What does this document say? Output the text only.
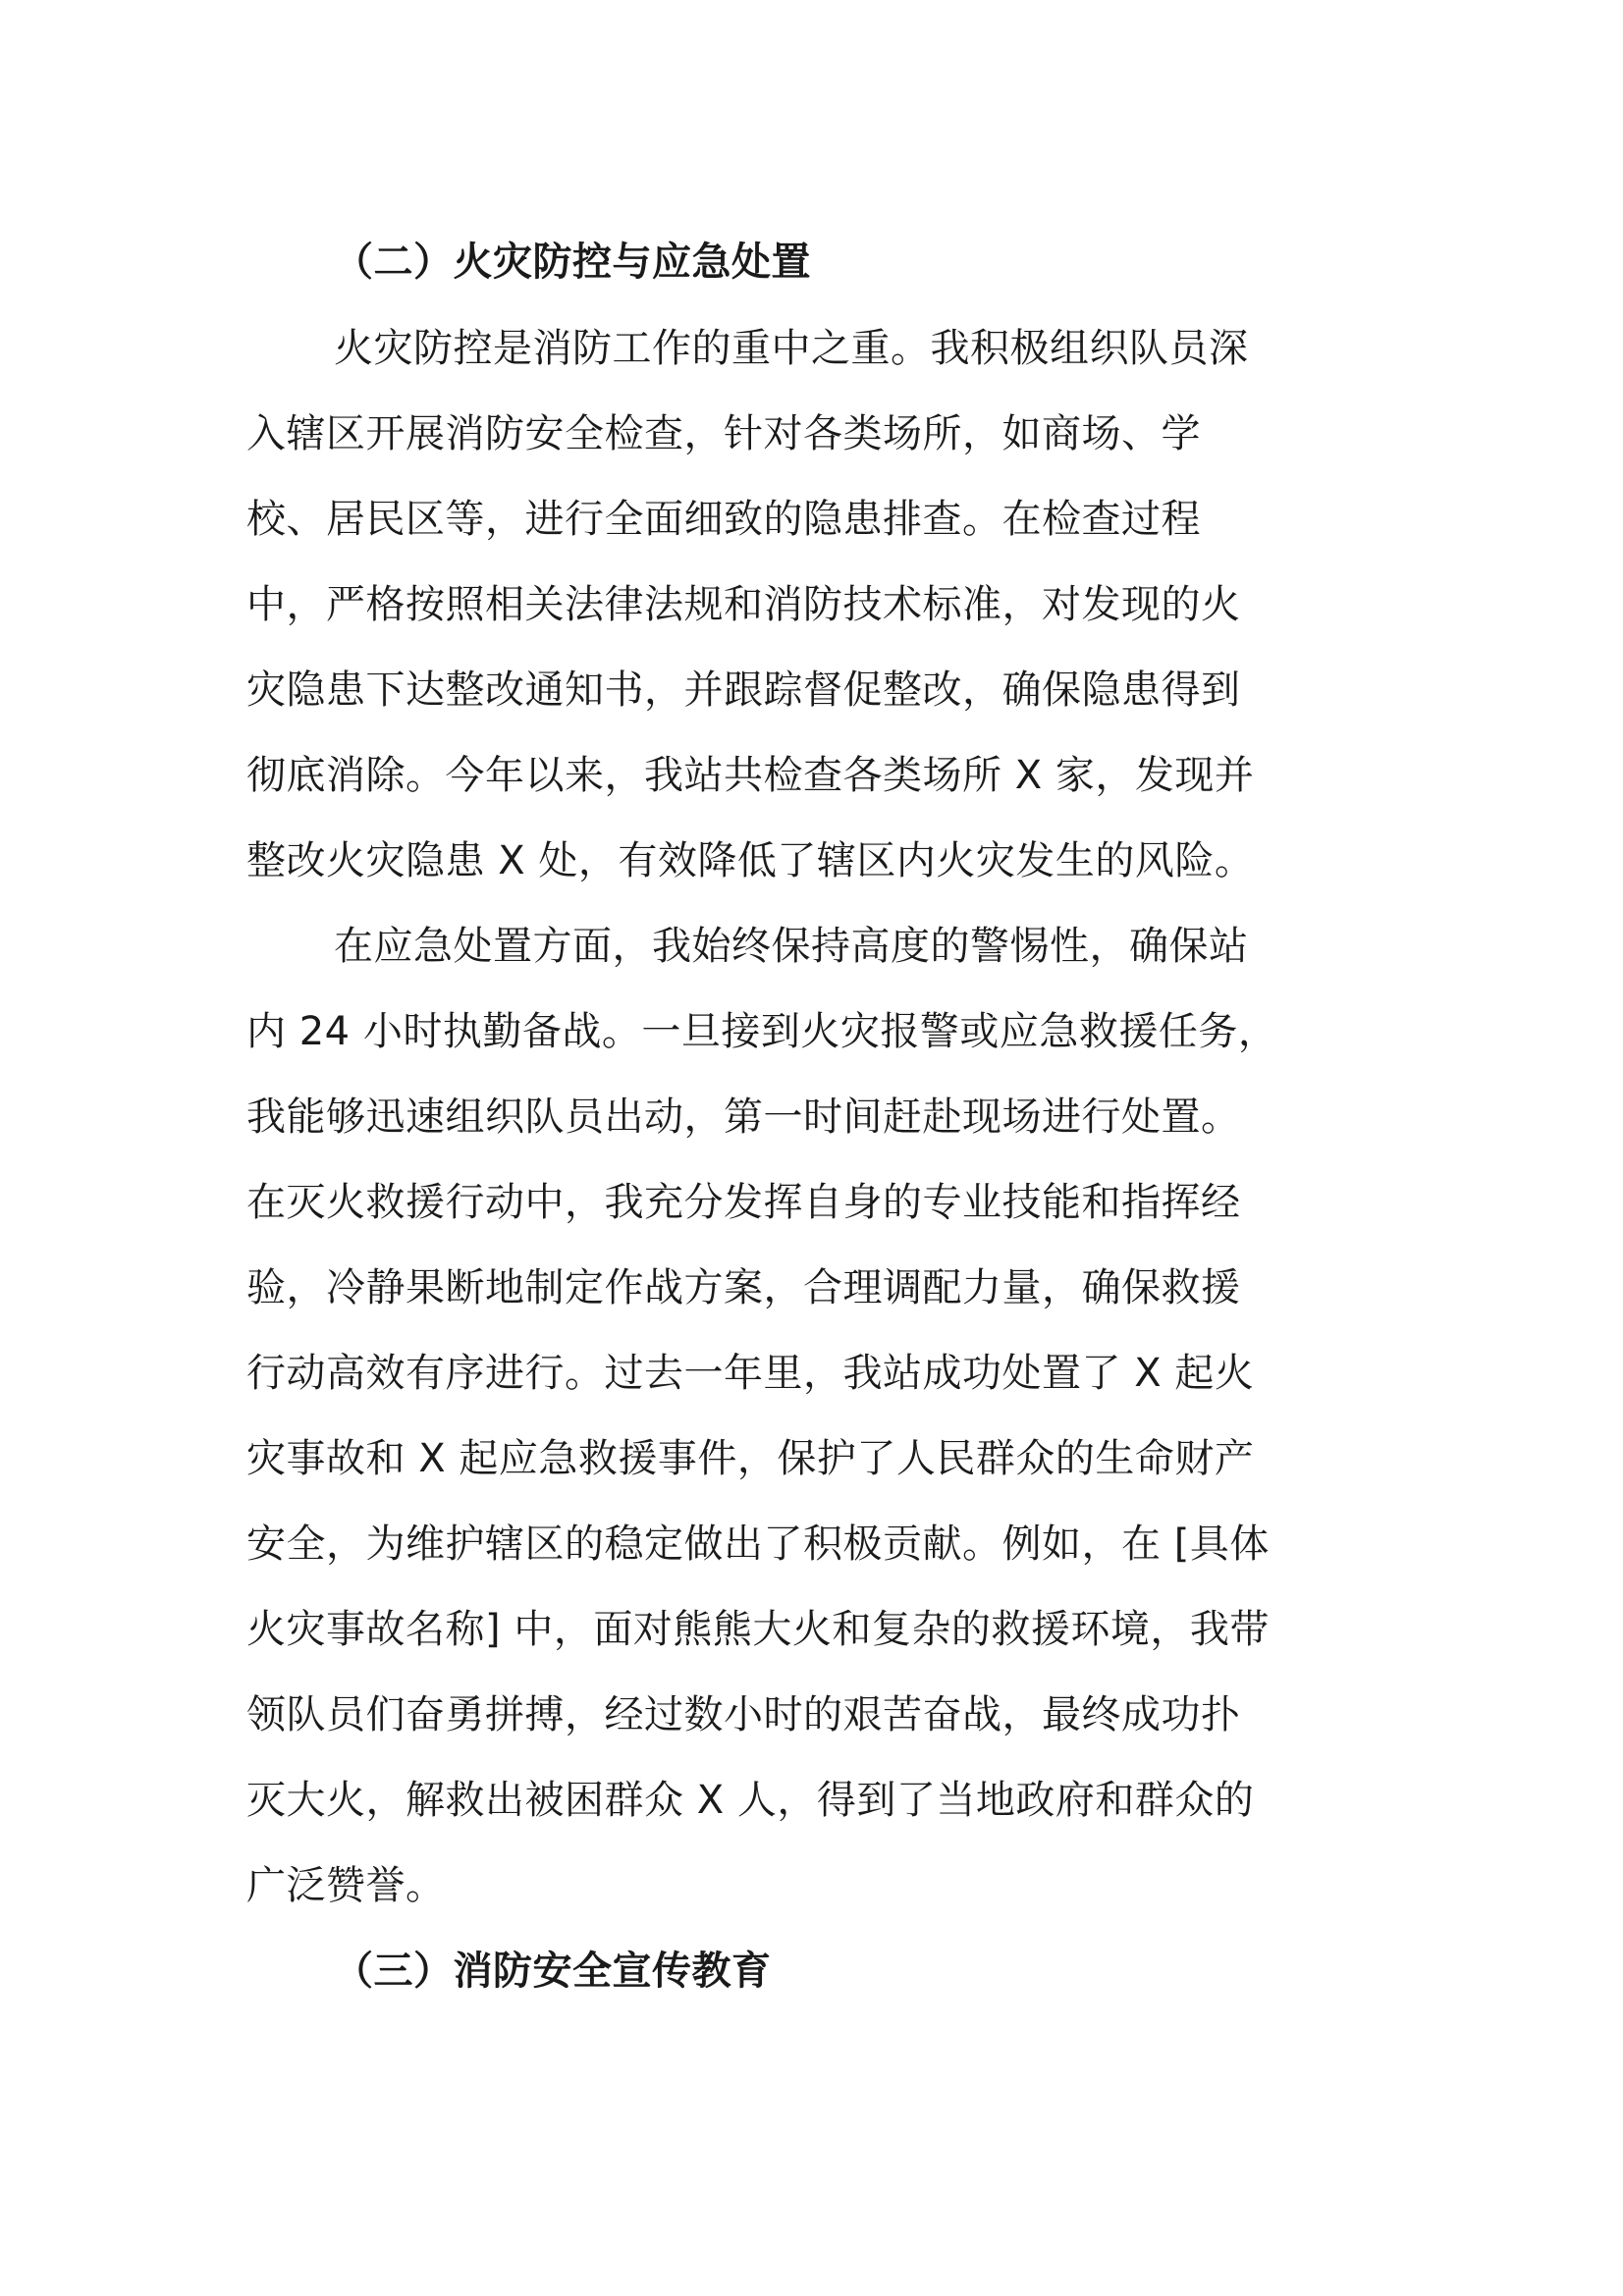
（二）火灾防控与应急处置
火灾防控是消防工作的重中之重。我积极组织队员深
入辖区开展消防安全检查，针对各类场所，如商场、学
校、居民区等，进行全面细致的隐患排查。在检查过程
中，严格按照相关法律法规和消防技术标准，对发现的火
灾隐患下达整改通知书，并跟踪督促整改，确保隐患得到
彻底消除。今年以来，我站共检查各类场所 X 家，发现并
整改火灾隐患 X 处，有效降低了辖区内火灾发生的风险。
在应急处置方面，我始终保持高度的警惕性，确保站
内 24 小时执勤备战。一旦接到火灾报警或应急救援任务，
我能够迅速组织队员出动，第一时间赶赴现场进行处置。
在灭火救援行动中，我充分发挥自身的专业技能和指挥经
验，冷静果断地制定作战方案，合理调配力量，确保救援
行动高效有序进行。过去一年里，我站成功处置了 X 起火
灾事故和 X 起应急救援事件，保护了人民群众的生命财产
安全，为维护辖区的稳定做出了积极贡献。例如，在 [具体
火灾事故名称] 中，面对熊熊大火和复杂的救援环境，我带
领队员们奋勇拼搏，经过数小时的艰苦奋战，最终成功扑
灭大火，解救出被困群众 X 人，得到了当地政府和群众的
广泛赞誉。
（三）消防安全宣传教育
